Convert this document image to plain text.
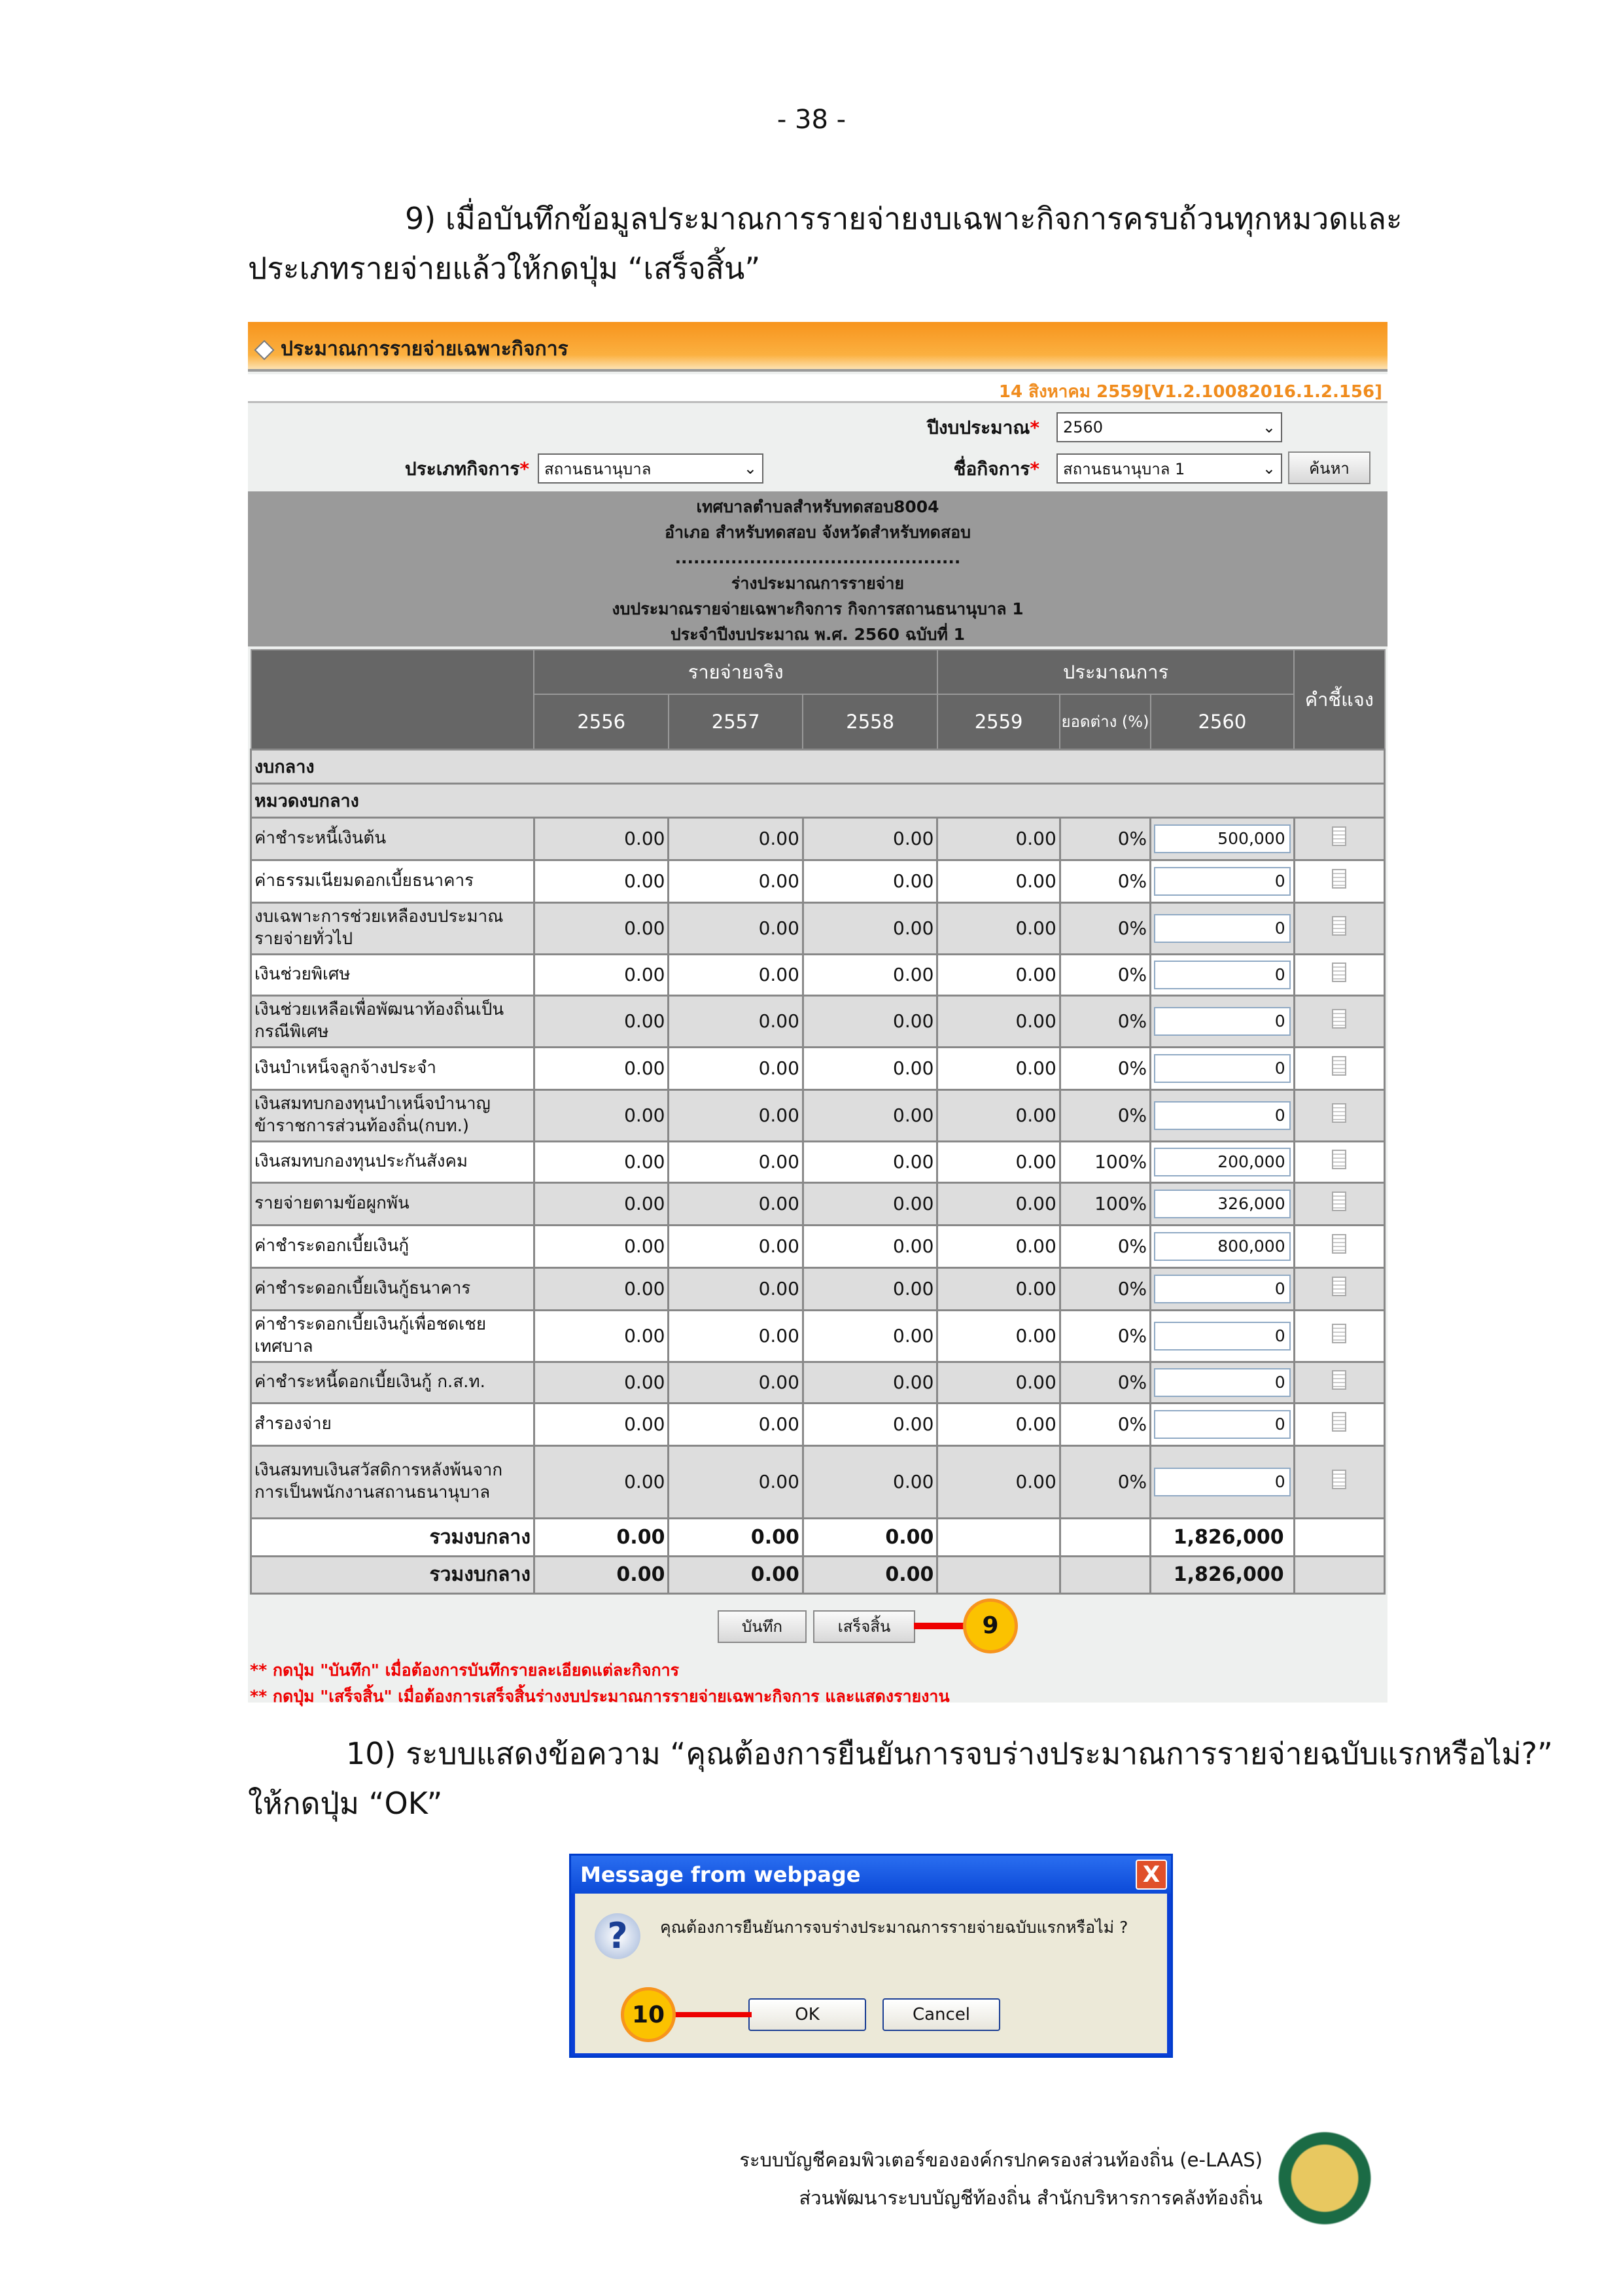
- 38 -
9) เมื่อบันทึกข้อมูลประมาณการรายจ่ายงบเฉพาะกิจการครบถ้วนทุกหมวดและ
ประเภทรายจ่ายแล้วให้กดปุ่ม “เสร็จสิ้น”
ประมาณการรายจ่ายเฉพาะกิจการ
14 สิงหาคม 2559[V1.2.10082016.1.2.156]
ปีงบประมาณ* 2560	⌄
ประเภทกิจการ* สถานธนานุบาล	⌄	ชื่อกิจการ* สถานธนานุบาล 1	⌄	ค้นหา
เทศบาลตำบลสำหรับทดสอบ8004
อำเภอ สำหรับทดสอบ จังหวัดสำหรับทดสอบ
..............................................
ร่างประมาณการรายจ่าย
งบประมาณรายจ่ายเฉพาะกิจการ กิจการสถานธนานุบาล 1
ประจำปีงบประมาณ พ.ศ. 2560 ฉบับที่ 1
	รายจ่ายจริง			ประมาณการ			คำชี้แจง
	2556	2557	2558	2559	ยอดต่าง (%)	2560	
งบกลาง							
หมวดงบกลาง							
ค่าชำระหนี้เงินต้น	0.00	0.00	0.00	0.00	0%	500,000	

ค่าธรรมเนียมดอกเบี้ยธนาคาร	0.00	0.00	0.00	0.00	0%	0	

งบเฉพาะการช่วยเหลืองบประมาณรายจ่ายทั่วไป	0.00	0.00	0.00	0.00	0%	0	

เงินช่วยพิเศษ	0.00	0.00	0.00	0.00	0%	0	

เงินช่วยเหลือเพื่อพัฒนาท้องถิ่นเป็นกรณีพิเศษ	0.00	0.00	0.00	0.00	0%	0	

เงินบำเหน็จลูกจ้างประจำ	0.00	0.00	0.00	0.00	0%	0	

เงินสมทบกองทุนบำเหน็จบำนาญข้าราชการส่วนท้องถิ่น(กบท.)	0.00	0.00	0.00	0.00	0%	0	

เงินสมทบกองทุนประกันสังคม	0.00	0.00	0.00	0.00	100%	200,000	

รายจ่ายตามข้อผูกพัน	0.00	0.00	0.00	0.00	100%	326,000	

ค่าชำระดอกเบี้ยเงินกู้	0.00	0.00	0.00	0.00	0%	800,000	

ค่าชำระดอกเบี้ยเงินกู้ธนาคาร	0.00	0.00	0.00	0.00	0%	0	

ค่าชำระดอกเบี้ยเงินกู้เพื่อชดเชยเทศบาล	0.00	0.00	0.00	0.00	0%	0	

ค่าชำระหนี้ดอกเบี้ยเงินกู้ ก.ส.ท.	0.00	0.00	0.00	0.00	0%	0	

สำรองจ่าย	0.00	0.00	0.00	0.00	0%	0	

เงินสมทบเงินสวัสดิการหลังพ้นจากการเป็นพนักงานสถานธนานุบาล	0.00	0.00	0.00	0.00	0%	0	

รวมงบกลาง	0.00	0.00	0.00			1,826,000	
รวมงบกลาง	0.00	0.00	0.00			1,826,000	
บันทึก	เสร็จสิ้น	9
** กดปุ่ม "บันทึก" เมื่อต้องการบันทึกรายละเอียดแต่ละกิจการ
** กดปุ่ม "เสร็จสิ้น" เมื่อต้องการเสร็จสิ้นร่างงบประมาณการรายจ่ายเฉพาะกิจการ และแสดงรายงาน
10) ระบบแสดงข้อความ “คุณต้องการยืนยันการจบร่างประมาณการรายจ่ายฉบับแรกหรือไม่?”
ให้กดปุ่ม “OK”
Message from webpage	X
?	คุณต้องการยืนยันการจบร่างประมาณการรายจ่ายฉบับแรกหรือไม่ ?
OK	Cancel
10
ระบบบัญชีคอมพิวเตอร์ขององค์กรปกครองส่วนท้องถิ่น (e-LAAS)
ส่วนพัฒนาระบบบัญชีท้องถิ่น สำนักบริหารการคลังท้องถิ่น
